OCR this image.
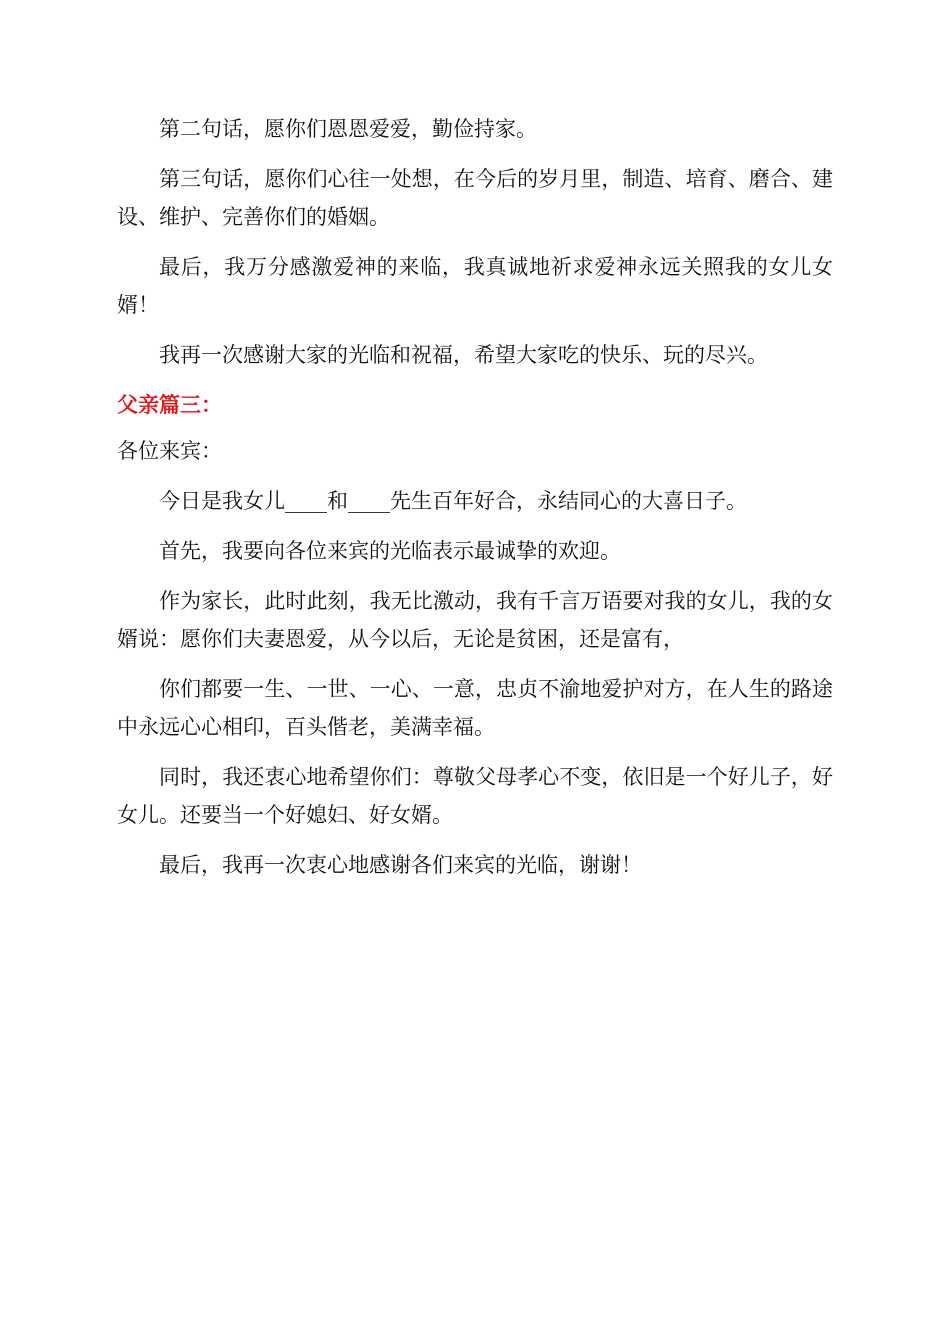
第二句话，愿你们恩恩爱爱，勤俭持家。

第三句话，愿你们心往一处想，在今后的岁月里，制造、培育、磨合、建设、维护、完善你们的婚姻。

最后，我万分感激爱神的来临，我真诚地祈求爱神永远关照我的女儿女婿！

我再一次感谢大家的光临和祝福，希望大家吃的快乐、玩的尽兴。

父亲篇三：

各位来宾：

今日是我女儿____和____先生百年好合，永结同心的大喜日子。

首先，我要向各位来宾的光临表示最诚挚的欢迎。

作为家长，此时此刻，我无比激动，我有千言万语要对我的女儿，我的女婿说：愿你们夫妻恩爱，从今以后，无论是贫困，还是富有，

你们都要一生、一世、一心、一意，忠贞不渝地爱护对方，在人生的路途中永远心心相印，百头偕老，美满幸福。

同时，我还衷心地希望你们：尊敬父母孝心不变，依旧是一个好儿子，好女儿。还要当一个好媳妇、好女婿。

最后，我再一次衷心地感谢各们来宾的光临，谢谢！
